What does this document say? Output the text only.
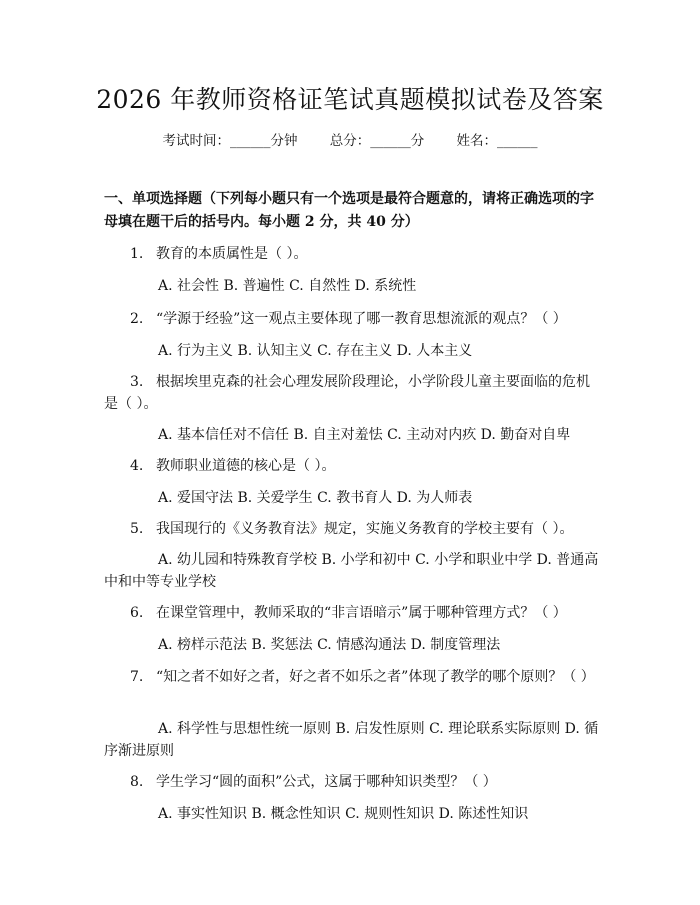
2026 年教师资格证笔试真题模拟试卷及答案
考试时间：______分钟 总分：______分 姓名：______
一、单项选择题（下列每小题只有一个选项是最符合题意的，请将正确选项的字母填在题干后的括号内。每小题 2 分，共 40 分）
1. 教育的本质属性是（ ）。
A. 社会性 B. 普遍性 C. 自然性 D. 系统性
2. “学源于经验”这一观点主要体现了哪一教育思想流派的观点？（ ）
A. 行为主义 B. 认知主义 C. 存在主义 D. 人本主义
3. 根据埃里克森的社会心理发展阶段理论，小学阶段儿童主要面临的危机是（ ）。
A. 基本信任对不信任 B. 自主对羞怯 C. 主动对内疚 D. 勤奋对自卑
4. 教师职业道德的核心是（ ）。
A. 爱国守法 B. 关爱学生 C. 教书育人 D. 为人师表
5. 我国现行的《义务教育法》规定，实施义务教育的学校主要有（ ）。
A. 幼儿园和特殊教育学校 B. 小学和初中 C. 小学和职业中学 D. 普通高中和中等专业学校
6. 在课堂管理中，教师采取的“非言语暗示”属于哪种管理方式？（ ）
A. 榜样示范法 B. 奖惩法 C. 情感沟通法 D. 制度管理法
7. “知之者不如好之者，好之者不如乐之者”体现了教学的哪个原则？（ ）
A. 科学性与思想性统一原则 B. 启发性原则 C. 理论联系实际原则 D. 循序渐进原则
8. 学生学习“圆的面积”公式，这属于哪种知识类型？（ ）
A. 事实性知识 B. 概念性知识 C. 规则性知识 D. 陈述性知识
